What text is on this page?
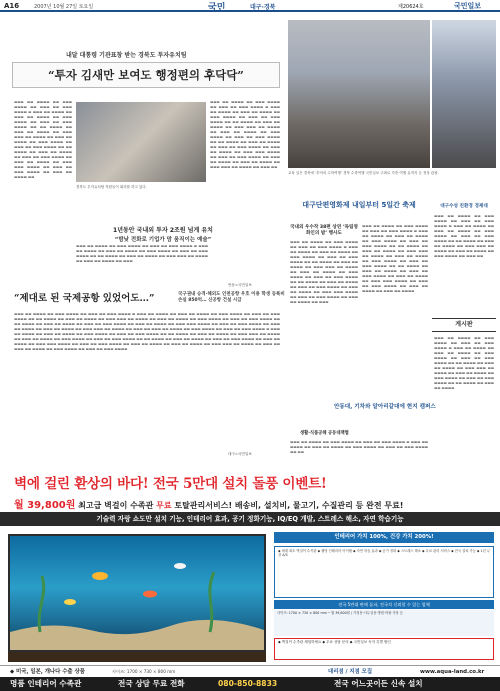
A16	2007년 10월 27일 토요일	국민	대구·경북	제20624호	국민일보
내달 대통령 기관표창 받는 경북도 투자유치팀
“투자 김새만 보여도 행정편의 후닥닥”
▬▬▬ ▬▬ ▬▬▬▬ ▬▬ ▬▬▬ ▬▬▬▬ ▬▬ ▬▬▬ ▬▬ ▬▬▬ ▬▬▬▬ ▬ ▬▬▬ ▬▬ ▬▬▬▬ ▬▬ ▬▬▬ ▬▬ ▬▬▬▬ ▬▬ ▬▬▬ ▬▬▬▬ ▬▬ ▬▬▬ ▬▬ ▬▬▬ ▬▬▬▬ ▬▬ ▬▬ ▬▬▬▬ ▬▬ ▬▬▬ ▬▬ ▬▬▬▬ ▬▬ ▬▬▬ ▬▬▬ ▬▬ ▬▬▬▬ ▬▬ ▬▬▬ ▬▬ ▬▬▬▬ ▬▬ ▬▬▬ ▬▬▬▬ ▬▬ ▬▬▬ ▬▬ ▬▬▬ ▬▬▬▬ ▬▬ ▬▬ ▬▬▬▬ ▬▬ ▬▬▬ ▬▬ ▬▬▬▬ ▬▬ ▬▬▬ ▬▬ ▬▬▬ ▬▬▬▬ ▬▬ ▬▬▬ ▬▬ ▬▬▬▬ ▬▬ ▬▬▬ ▬▬▬ ▬▬▬▬ ▬▬ ▬▬▬ ▬▬ ▬▬▬ ▬▬▬▬ ▬▬ ▬▬▬ ▬▬ ▬▬▬▬ ▬▬
경북도 투자유치팀 직원들이 회의를 하고 있다.
▬▬▬ ▬▬ ▬▬▬▬ ▬▬ ▬▬▬ ▬▬▬▬ ▬▬ ▬▬▬ ▬▬ ▬▬▬ ▬▬▬▬ ▬ ▬▬▬ ▬▬ ▬▬▬▬ ▬▬ ▬▬▬ ▬▬ ▬▬▬▬ ▬▬ ▬▬▬ ▬▬▬▬ ▬▬ ▬▬▬ ▬▬ ▬▬▬ ▬▬▬▬ ▬▬ ▬▬ ▬▬▬▬ ▬▬ ▬▬▬ ▬▬ ▬▬▬▬ ▬▬ ▬▬▬ ▬▬▬ ▬▬ ▬▬▬▬ ▬▬ ▬▬▬ ▬▬ ▬▬▬▬ ▬▬ ▬▬▬ ▬▬▬▬ ▬▬ ▬▬▬ ▬▬ ▬▬▬ ▬▬▬▬ ▬▬ ▬▬ ▬▬▬▬ ▬▬ ▬▬▬ ▬▬ ▬▬▬▬ ▬▬ ▬▬▬ ▬▬ ▬▬▬ ▬▬▬▬ ▬▬ ▬▬▬ ▬▬ ▬▬▬▬ ▬▬ ▬▬▬ ▬▬▬ ▬▬▬▬ ▬▬ ▬▬▬ ▬▬ ▬▬▬ ▬▬▬▬ ▬▬ ▬▬▬ ▬▬ ▬▬▬▬ ▬▬ ▬▬▬ ▬▬ ▬▬▬▬ ▬▬ ▬▬▬ ▬▬▬ ▬▬ ▬▬▬▬ ▬▬ ▬▬▬ ▬▬
1년동안 국내외 투자 2조원 넘게 유치
“밤낮 전화로 기업가 맘 움직이는 예술”
▬▬▬ ▬▬ ▬▬▬▬ ▬▬ ▬▬▬ ▬▬▬▬ ▬▬ ▬▬▬ ▬▬ ▬▬▬ ▬▬▬▬ ▬ ▬▬▬ ▬▬ ▬▬▬▬ ▬▬ ▬▬▬ ▬▬ ▬▬▬▬ ▬▬ ▬▬▬ ▬▬▬▬ ▬▬ ▬▬▬ ▬▬ ▬▬▬ ▬▬▬▬ ▬▬ ▬▬ ▬▬▬▬ ▬▬ ▬▬▬ ▬▬ ▬▬▬▬ ▬▬ ▬▬▬ ▬▬▬ ▬▬ ▬▬▬▬ ▬▬ ▬▬▬ ▬▬ ▬▬▬▬ ▬▬ ▬▬▬
안동=국민일보
“제대로 된 국제공항 있었어도…”	국구권내 승격·해외도 인천공항 우호 이용 학생 등록비 손실 850억… 신공항 건설 시급
▬▬▬ ▬▬ ▬▬▬▬ ▬▬ ▬▬▬ ▬▬▬▬ ▬▬ ▬▬▬ ▬▬ ▬▬▬ ▬▬▬▬ ▬ ▬▬▬ ▬▬ ▬▬▬▬ ▬▬ ▬▬▬ ▬▬ ▬▬▬▬ ▬▬ ▬▬▬ ▬▬▬▬ ▬▬ ▬▬▬ ▬▬ ▬▬▬ ▬▬▬▬ ▬▬ ▬▬ ▬▬▬▬ ▬▬ ▬▬▬ ▬▬ ▬▬▬▬ ▬▬ ▬▬▬ ▬▬▬ ▬▬ ▬▬▬▬ ▬▬ ▬▬▬ ▬▬ ▬▬▬▬ ▬▬ ▬▬▬ ▬▬▬▬ ▬▬ ▬▬▬ ▬▬ ▬▬▬ ▬▬▬▬ ▬▬ ▬▬ ▬▬▬▬ ▬▬ ▬▬▬ ▬▬ ▬▬▬▬ ▬▬ ▬▬▬ ▬▬ ▬▬▬ ▬▬▬▬ ▬▬ ▬▬▬ ▬▬ ▬▬▬▬ ▬▬ ▬▬▬ ▬▬▬ ▬▬▬▬ ▬▬ ▬▬▬ ▬▬ ▬▬▬ ▬▬▬▬ ▬▬ ▬▬▬ ▬▬ ▬▬▬▬ ▬▬ ▬▬▬ ▬▬ ▬▬▬▬ ▬▬ ▬▬▬ ▬▬▬ ▬▬ ▬▬▬▬ ▬▬ ▬▬▬ ▬▬ ▬▬▬ ▬▬ ▬▬▬▬ ▬▬ ▬▬▬ ▬▬▬▬ ▬▬ ▬▬▬ ▬▬ ▬▬▬ ▬▬▬▬ ▬ ▬▬▬ ▬▬ ▬▬▬▬ ▬▬ ▬▬▬ ▬▬ ▬▬▬▬ ▬▬ ▬▬▬ ▬▬▬▬ ▬▬ ▬▬▬ ▬▬ ▬▬▬ ▬▬▬▬ ▬▬ ▬▬ ▬▬▬▬ ▬▬ ▬▬▬ ▬▬ ▬▬▬▬ ▬▬ ▬▬▬ ▬▬▬ ▬▬ ▬▬▬▬ ▬▬ ▬▬▬ ▬▬ ▬▬▬▬ ▬▬ ▬▬▬ ▬▬▬▬ ▬▬ ▬▬▬ ▬▬ ▬▬▬ ▬▬▬▬ ▬▬ ▬▬ ▬▬▬▬ ▬▬ ▬▬▬ ▬▬ ▬▬▬▬ ▬▬ ▬▬▬ ▬▬ ▬▬▬ ▬▬▬▬ ▬▬ ▬▬▬ ▬▬ ▬▬▬▬ ▬▬ ▬▬▬ ▬▬▬ ▬▬▬▬ ▬▬ ▬▬▬ ▬▬ ▬▬▬ ▬▬▬▬ ▬▬ ▬▬▬ ▬▬ ▬▬▬▬ ▬▬ ▬▬▬ ▬▬ ▬▬▬▬ ▬▬ ▬▬▬ ▬▬▬ ▬▬ ▬▬▬▬ ▬▬ ▬▬▬ ▬▬ ▬▬▬ ▬▬ ▬▬▬▬ ▬▬ ▬▬▬ ▬▬▬▬ ▬▬ ▬▬▬ ▬▬ ▬▬▬ ▬▬▬▬
대구=국민일보
교육 입은 경북에 ‘추억의 수학여행’ 경북 수학여행 국민일보 주최로 각종 여행 유적지 등 정상 관광.
대구단편영화제 내일부터 5일간 축제
국내외 우수작 38편 상연 ‘독립영화인의 밤’ 행사도
▬▬▬ ▬▬ ▬▬▬▬ ▬▬ ▬▬▬ ▬▬▬▬ ▬▬ ▬▬▬ ▬▬ ▬▬▬ ▬▬▬▬ ▬ ▬▬▬ ▬▬ ▬▬▬▬ ▬▬ ▬▬▬ ▬▬ ▬▬▬▬ ▬▬ ▬▬▬ ▬▬▬▬ ▬▬ ▬▬▬ ▬▬ ▬▬▬ ▬▬▬▬ ▬▬ ▬▬ ▬▬▬▬ ▬▬ ▬▬▬ ▬▬ ▬▬▬▬ ▬▬ ▬▬▬ ▬▬▬ ▬▬ ▬▬▬▬ ▬▬ ▬▬▬ ▬▬ ▬▬▬▬ ▬▬ ▬▬▬ ▬▬▬▬ ▬▬ ▬▬▬ ▬▬ ▬▬▬ ▬▬▬▬ ▬▬ ▬▬ ▬▬▬▬ ▬▬ ▬▬▬ ▬▬ ▬▬▬▬ ▬▬ ▬▬▬ ▬▬ ▬▬▬ ▬▬▬▬ ▬▬ ▬▬▬ ▬▬ ▬▬▬▬ ▬▬ ▬▬▬ ▬▬▬ ▬▬▬▬ ▬▬ ▬▬▬ ▬▬ ▬▬▬ ▬▬▬▬ ▬▬ ▬▬▬ ▬▬ ▬▬▬▬ ▬▬ ▬▬▬
▬▬▬ ▬▬ ▬▬▬▬ ▬▬ ▬▬▬ ▬▬▬▬ ▬▬ ▬▬▬ ▬▬ ▬▬▬ ▬▬▬▬ ▬ ▬▬▬ ▬▬ ▬▬▬▬ ▬▬ ▬▬▬ ▬▬ ▬▬▬▬ ▬▬ ▬▬▬ ▬▬▬▬ ▬▬ ▬▬▬ ▬▬ ▬▬▬ ▬▬▬▬ ▬▬ ▬▬ ▬▬▬▬ ▬▬ ▬▬▬ ▬▬ ▬▬▬▬ ▬▬ ▬▬▬ ▬▬▬ ▬▬ ▬▬▬▬ ▬▬ ▬▬▬ ▬▬ ▬▬▬▬ ▬▬ ▬▬▬ ▬▬▬▬ ▬▬ ▬▬▬ ▬▬ ▬▬▬ ▬▬▬▬ ▬▬ ▬▬ ▬▬▬▬ ▬▬ ▬▬▬ ▬▬ ▬▬▬▬ ▬▬ ▬▬▬ ▬▬ ▬▬▬ ▬▬▬▬ ▬▬ ▬▬▬ ▬▬ ▬▬▬▬ ▬▬ ▬▬▬ ▬▬▬ ▬▬▬▬ ▬▬ ▬▬▬ ▬▬ ▬▬▬ ▬▬▬▬ ▬▬ ▬▬▬ ▬▬ ▬▬▬▬ ▬▬ ▬▬▬ ▬▬ ▬▬▬▬
대구수성 친환경 경제대
▬▬▬ ▬▬ ▬▬▬▬ ▬▬ ▬▬▬ ▬▬▬▬ ▬▬ ▬▬▬ ▬▬ ▬▬▬ ▬▬▬▬ ▬ ▬▬▬ ▬▬ ▬▬▬▬ ▬▬ ▬▬▬ ▬▬ ▬▬▬▬ ▬▬ ▬▬▬ ▬▬▬▬ ▬▬ ▬▬▬ ▬▬ ▬▬▬ ▬▬▬▬ ▬▬ ▬▬ ▬▬▬▬ ▬▬ ▬▬▬ ▬▬ ▬▬▬▬ ▬▬ ▬▬▬ ▬▬▬ ▬▬ ▬▬▬▬ ▬▬ ▬▬▬ ▬▬ ▬▬▬▬ ▬▬ ▬▬▬ ▬▬▬▬ ▬▬ ▬▬▬ ▬▬
게시판
▬▬▬ ▬▬ ▬▬▬▬ ▬▬ ▬▬▬ ▬▬▬▬ ▬▬ ▬▬▬ ▬▬ ▬▬▬ ▬▬▬▬ ▬ ▬▬▬ ▬▬ ▬▬▬▬ ▬▬ ▬▬▬ ▬▬ ▬▬▬▬ ▬▬ ▬▬▬ ▬▬▬▬ ▬▬ ▬▬▬ ▬▬ ▬▬▬ ▬▬▬▬ ▬▬ ▬▬ ▬▬▬▬ ▬▬ ▬▬▬ ▬▬ ▬▬▬▬ ▬▬ ▬▬▬ ▬▬▬ ▬▬ ▬▬▬▬ ▬▬ ▬▬▬ ▬▬ ▬▬▬▬ ▬▬ ▬▬▬ ▬▬▬▬ ▬▬ ▬▬▬ ▬▬ ▬▬▬ ▬▬▬▬ ▬▬ ▬▬ ▬▬▬▬ ▬▬ ▬▬▬ ▬▬ ▬▬▬▬
안동대, 기차와 알아리같대에 현지 캠퍼스
생활·식품공해 공동대책협
▬▬▬ ▬▬ ▬▬▬▬ ▬▬ ▬▬▬ ▬▬▬▬ ▬▬ ▬▬▬ ▬▬ ▬▬▬ ▬▬▬▬ ▬ ▬▬▬ ▬▬ ▬▬▬▬ ▬▬ ▬▬▬ ▬▬ ▬▬▬▬ ▬▬ ▬▬▬ ▬▬▬▬ ▬▬ ▬▬▬ ▬▬ ▬▬▬ ▬▬▬▬ ▬▬ ▬▬
벽에 걸린 환상의 바다! 전국 5만대 설치 돌풍 이벤트!
월 39,800원 최고급 벽걸이 수족관 무료 토탈관리서비스! 배송비, 설치비, 물고기, 수질관리 등 완전 무료!
기술력 자랑 쇼도만 설치 기능, 인테리어 효과, 공기 정화기능, IQ/EQ 개발, 스트레스 해소, 자연 학습기능
인테리어 가치 100%, 건강 가치 200%!
◆ 세계 최초 벽걸이 수족관 ◆ 웰빙 인테리어 아이템 ◆ 자연 학습 효과 ◆ 공기 정화 ◆ 스트레스 해소 ◆ 무료 관리 서비스 ◆ 전국 설치 가능 ◆ 1년 무상 A/S
전국 5만대 판매 돌파, 전국적 신뢰할 수 있는 업체
사이즈: 1700 × 730 × 800 mm ─ 월 39,800원 / 가정용·사무실용·병원·학원·식당 등
◆ 벽걸이 수족관 체험하세요 ◆ 무료 상담 문의 ◆ 국민일보 독자 특별 할인
◆ 미국, 일본, 개나다 수출 상품	사이즈: 1700 × 730 × 800 mm	대리점 / 지점 모집	www.aqua-land.co.kr
명품 인테리어 수족관	전국 상담 무료 전화	080-850-8833	전국 어느곳이든 신속 설치
